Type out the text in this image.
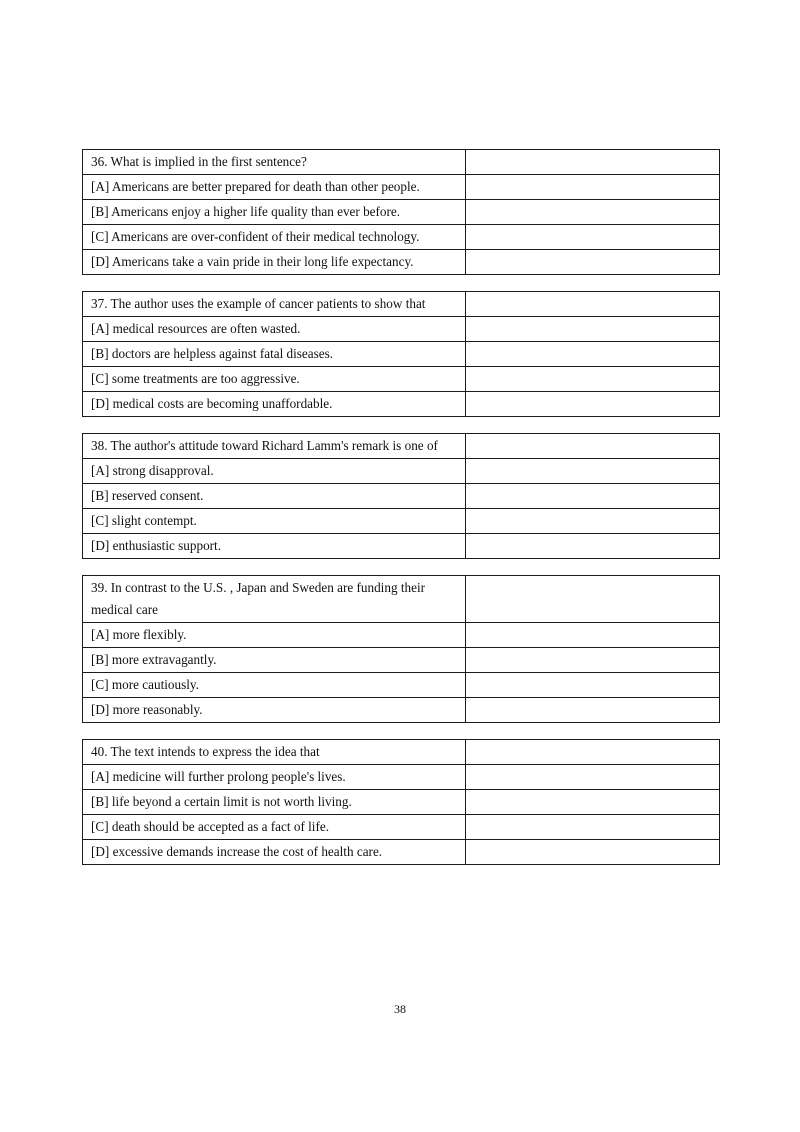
36. What is implied in the first sentence?	
[A] Americans are better prepared for death than other people.	
[B] Americans enjoy a higher life quality than ever before.	
[C] Americans are over-confident of their medical technology.	
[D] Americans take a vain pride in their long life expectancy.	
37. The author uses the example of cancer patients to show that	
[A] medical resources are often wasted.	
[B] doctors are helpless against fatal diseases.	
[C] some treatments are too aggressive.	
[D] medical costs are becoming unaffordable.	
38. The author's attitude toward Richard Lamm's remark is one of	
[A] strong disapproval.	
[B] reserved consent.	
[C] slight contempt.	
[D] enthusiastic support.	
39. In contrast to the U.S. , Japan and Sweden are funding their medical care	
[A] more flexibly.	
[B] more extravagantly.	
[C] more cautiously.	
[D] more reasonably.	
40. The text intends to express the idea that	
[A] medicine will further prolong people's lives.	
[B] life beyond a certain limit is not worth living.	
[C] death should be accepted as a fact of life.	
[D] excessive demands increase the cost of health care.	
38
